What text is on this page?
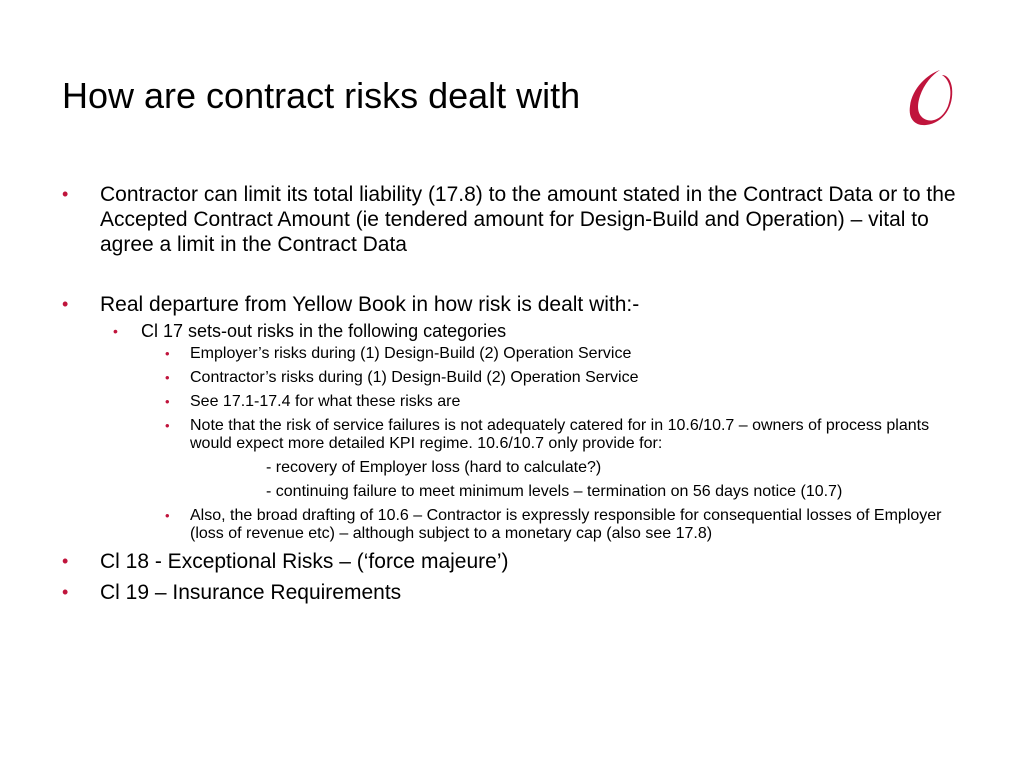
How are contract risks dealt with
• Contractor can limit its total liability (17.8) to the amount stated in the Contract Data or to the Accepted Contract Amount (ie tendered amount for Design-Build and Operation) – vital to agree a limit in the Contract Data
• Real departure from Yellow Book in how risk is dealt with:-
• Cl 17 sets-out risks in the following categories
• Employer’s risks during (1) Design-Build (2) Operation Service
• Contractor’s risks during (1) Design-Build (2) Operation Service
• See 17.1-17.4 for what these risks are
• Note that the risk of service failures is not adequately catered for in 10.6/10.7 – owners of process plants would expect more detailed KPI regime. 10.6/10.7 only provide for:
- recovery of Employer loss (hard to calculate?)
- continuing failure to meet minimum levels – termination on 56 days notice (10.7)
• Also, the broad drafting of 10.6 – Contractor is expressly responsible for consequential losses of Employer (loss of revenue etc) – although subject to a monetary cap (also see 17.8)
• Cl 18 - Exceptional Risks – (‘force majeure’)
• Cl 19 – Insurance Requirements
